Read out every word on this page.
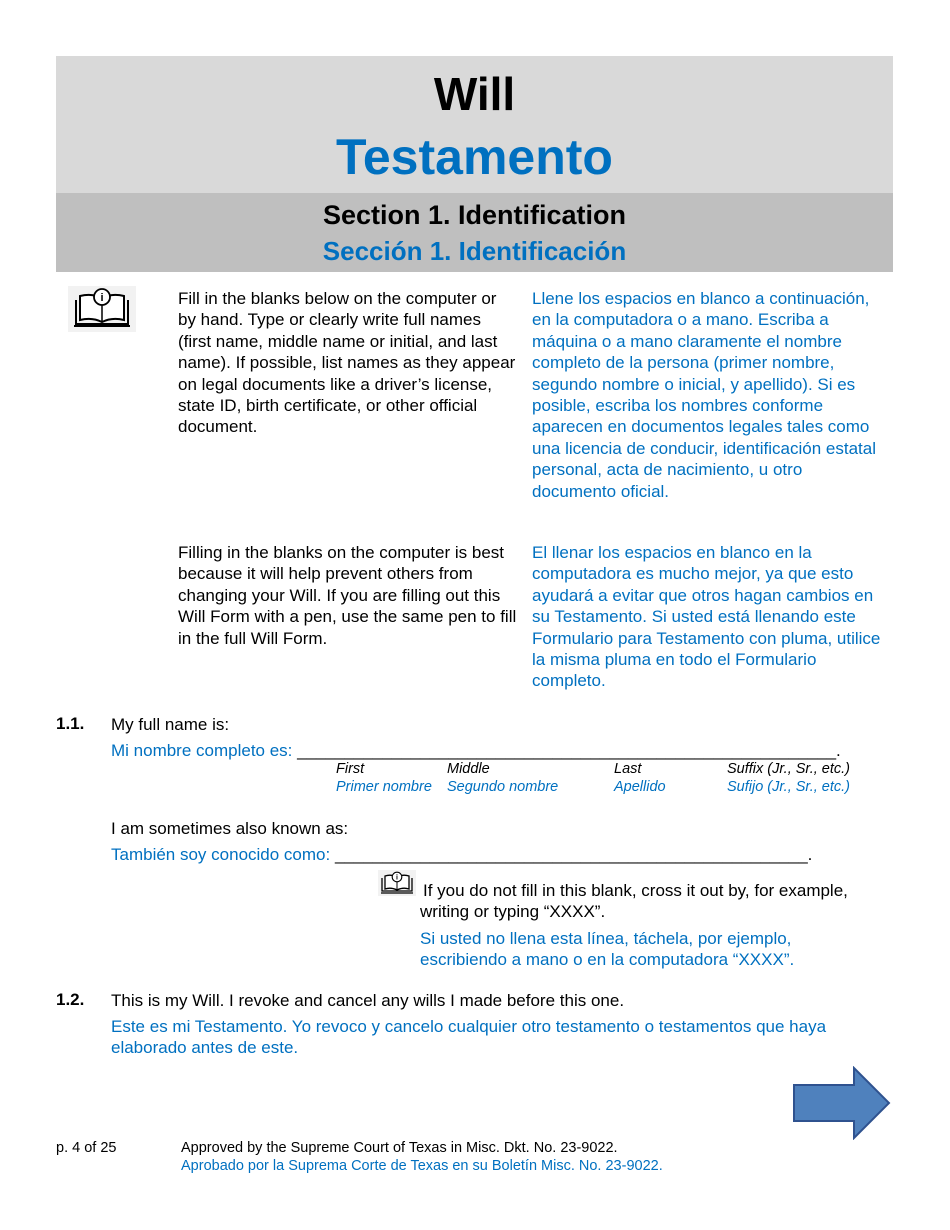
Will
Testamento
Section 1. Identification
Sección 1. Identificación
i	Fill in the blanks below on the computer or by hand. Type or clearly write full names (first name, middle name or initial, and last name). If possible, list names as they appear on legal documents like a driver’s license, state ID, birth certificate, or other official document.
Llene los espacios en blanco a continuación, en la computadora o a mano. Escriba a máquina o a mano claramente el nombre completo de la persona (primer nombre, segundo nombre o inicial, y apellido). Si es posible, escriba los nombres conforme aparecen en documentos legales tales como una licencia de conducir, identificación estatal personal, acta de nacimiento, u otro documento oficial.
Filling in the blanks on the computer is best because it will help prevent others from changing your Will. If you are filling out this Will Form with a pen, use the same pen to fill in the full Will Form.
El llenar los espacios en blanco en la computadora es mucho mejor, ya que esto ayudará a evitar que otros hagan cambios en su Testamento. Si usted está llenando este Formulario para Testamento con pluma, utilice la misma pluma en todo el Formulario completo.
1.1. My full name is:
Mi nombre completo es: _________________________________________________________.
First
Primer nombre
Middle
Segundo nombre
Last
Apellido
Suffix (Jr., Sr., etc.)
Sufijo (Jr., Sr., etc.)
I am sometimes also known as:
También soy conocido como: __________________________________________________.
i
If you do not fill in this blank, cross it out by, for example, writing or typing “XXXX”.
Si usted no llena esta línea, táchela, por ejemplo, escribiendo a mano o en la computadora “XXXX”.
1.2. This is my Will. I revoke and cancel any wills I made before this one.
Este es mi Testamento. Yo revoco y cancelo cualquier otro testamento o testamentos que haya elaborado antes de este.
p. 4 of 25	Approved by the Supreme Court of Texas in Misc. Dkt. No. 23-9022.
Aprobado por la Suprema Corte de Texas en su Boletín Misc. No. 23-9022.
